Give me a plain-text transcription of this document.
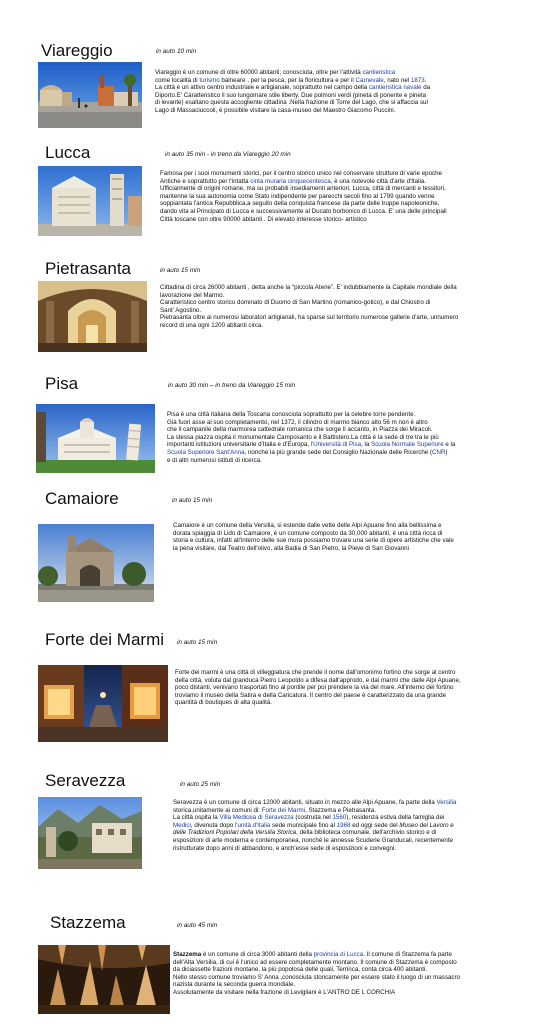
Viareggio	in auto 10 min

Viareggio è un comune di oltre 60000 abitanti; conosciuta, oltre per l'attività cantieristica

come località di turismo balneare , per la pesca, per la floricultura e per il Carnevale, nato nel 1873.

La città è un attivo centro industriale e artigianale, soprattutto nel campo della cantieristica navale da

Diporto.E' Caratteristico il suo lungomare stile liberty. Due polmoni verdi (pineta di ponente e pineta

di levante) esaltano questa accogliente cittadina .Nella frazione di Torre del Lago, che si affaccia sul

Lago di Massaciuccoli, è possibile visitare la casa-museo del Maestro Giacomo Puccini.

Lucca	in auto 35 min - in treno da Viareggio 20 min

Famosa per i suoi monumenti storici, per il centro storico unico nel conservare strutture di varie epoche

Antiche e soprattutto per l'intatta cinta muraria cinquecentesca, è una notevole città d'arte d'Italia.

Ufficialmente di origini romane, ma su probabili insediamenti anteriori, Lucca, città di mercanti e tessitori,

mantenne la sua autonomia come Stato indipendente per parecchi secoli fino al 1799 quando venne

soppiantata l'antica Repubblica,a seguito della conquista francese da parte delle truppe napoleoniche,

dando vita al Principato di Lucca e successivamente al Ducato borbonico di Lucca. E' una delle principali

Città toscane con oltre 90000 abitanti . Di elevato interesse storico- artistico

Pietrasanta	in auto 15 min

Cittadina di circa 26000 abitanti , detta anche la “piccola Atene”. E' indubbiamente la Capitale mondiale della

lavorazione del Marmo.

Caratteristico centro storico dominato dl Duomo di San Martino (romanico-gotico), e dal Chiostro di

Sant' Agostino.

Pietrasanta oltre ai numerosi laboratori artigianali, ha sparse sul territorio numerose gallerie d'arte, unnumero

record di una ogni 1200 abitanti circa.

Pisa	in auto 30 min – in treno da Viareggio 15 min

Pisa è una città italiana della Toscana conosciuta soprattutto per la celebre torre pendente.

Già fuori asse al suo completamento, nel 1372, il cilindro di marmo bianco alto 56 m non è altro

che il campanile della marmorea cattedrale romanica che sorge lì accanto, in Piazza dei Miracoli.

La stessa piazza ospita il monumentale Camposanto e il Battistero.La città è la sede di tre tra le più

importanti istituzioni universitarie d'Italia e d'Europa, l'Università di Pisa, la Scuola Normale Superiore e la

Scuola Superiore Sant'Anna, nonché la più grande sede del Consiglio Nazionale delle Ricerche (CNR)

e di altri numerosi istituti di ricerca.

Camaiore	in auto 15 min

Camaiore è un comune della Versilia, si estende dalle vette delle Alpi Apuane fino alla bellissima e

dorata spiaggia di Lido di Camaiore, è un comune composto da 30,000 abitanti, è una città ricca di

storia e cultura, infatti all'interno delle sue mura possiamo trovare una serie di opere artistiche che vale

la pena visitare, dal Teatro dell'olivo, alla Badia di San Pietro, la Pieve di San Giovanni

Forte dei Marmi in auto 15 min

Forte dei marmi è una città di villeggiatura che prende il nome dall'omonimo fortino che sorge al centro

della città, voluta dal granduca Pietro Leopoldo a difesa dall'approdo, e dai marmi che dalle Alpi Apuane,

poco distanti, venivano trasportati fino al pontile per poi prendere la via del mare. All'interno del fortino

troviamo il museo della Satira e della Caricatura. Il centro del paese è caratterizzato da una grande

quantità di boutiques di alta qualità.

Seravezza	in auto 25 min

Seravezza è un comune di circa 12000 abitanti, situato in mezzo alle Alpi Apuane, fa parte della Versilia

storica,unitamente ai comuni di: Forte dei Marmi, Stazzema e Pietrasanta.

La città ospita la Villa Medicea di Seravezza (costruita nel 1560), residenza estiva della famiglia dei

Medici, divenuta dopo l'unità d'Italia sede municipale fino al 1968 ed oggi sede del Museo del Lavoro e

delle Tradizioni Popolari della Versilia Storica, della biblioteca comunale, dell'archivio storico e di

esposizioni di arte moderna e contemporanea, nonché le annesse Scuderie Granducali, recentemente

ristrutturate dopo anni di abbandono, e anch'esse sede di esposizioni e convegni.

Stazzema	in auto 45 min

Stazzema è un comune di circa 3000 abitanti della provincia di Lucca. Il comune di Stazzema fa parte

dell'Alta Versilia, di cui è l'unico ad essere completamente montano. Il comune di Stazzema è composto

da diciassette frazioni montane, la più popolosa delle quali, Terrinca, conta circa 400 abitanti.

Nello stesso comune troviamo S' Anna ,conosciuta storicamente per essere stato il luogo di un massacro

nazista durante la seconda guerra mondiale.

Assolutamente da visitare nella frazione di Levigliani è L'ANTRO DE L CORCHIA
